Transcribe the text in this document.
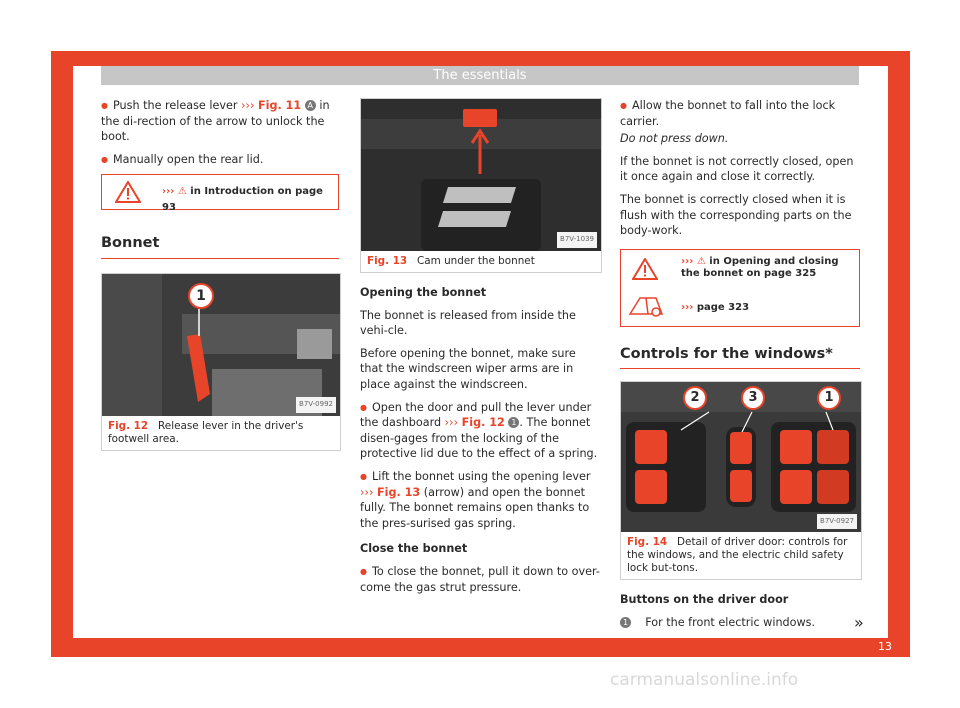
The essentials

● Push the release lever ››› Fig. 11 A in the di-rection of the arrow to unlock the boot.

● Manually open the rear lid.

››› ⚠ in Introduction on page 93

Bonnet

1
B7V-0992
Fig. 12 Release lever in the driver's footwell area.
B7V-1039
Fig. 13 Cam under the bonnet

Opening the bonnet

The bonnet is released from inside the vehi-cle.

Before opening the bonnet, make sure that the windscreen wiper arms are in place against the windscreen.

● Open the door and pull the lever under the dashboard ››› Fig. 12 1 . The bonnet disen-gages from the locking of the protective lid due to the effect of a spring.

● Lift the bonnet using the opening lever ››› Fig. 13 (arrow) and open the bonnet fully. The bonnet remains open thanks to the pres-surised gas spring.

Close the bonnet

● To close the bonnet, pull it down to over-come the gas strut pressure.

● Allow the bonnet to fall into the lock carrier.

Do not press down.

If the bonnet is not correctly closed, open it once again and close it correctly.

The bonnet is correctly closed when it is flush with the corresponding parts on the body-work.

››› ⚠ in Opening and closing the bonnet on page 325
››› page 323

Controls for the windows*

2	3	1
B7V-0927
Fig. 14 Detail of driver door: controls for the windows, and the electric child safety lock but-tons.

Buttons on the driver door

1 For the front electric windows.	»
13
carmanualsonline.info
